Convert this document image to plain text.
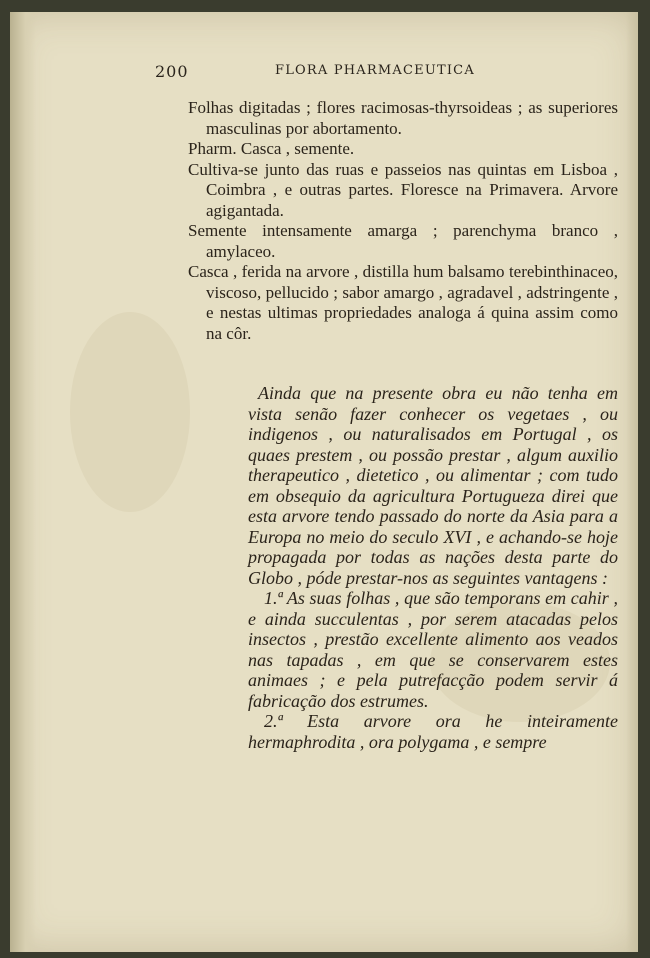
200	FLORA PHARMACEUTICA

Folhas digitadas ; flores racimosas-thyrsoideas ; as superiores masculinas por abortamento.

Pharm. Casca , semente.

Cultiva-se junto das ruas e passeios nas quintas em Lisboa , Coimbra , e outras partes. Floresce na Primavera. Arvore agigantada.

Semente intensamente amarga ; parenchyma branco , amylaceo.

Casca , ferida na arvore , distilla hum balsamo terebinthinaceo, viscoso, pellucido ; sabor amargo , agradavel , adstringente , e nestas ultimas propriedades analoga á quina assim como na côr.

Ainda que na presente obra eu não tenha em vista senão fazer conhecer os vegetaes , ou indigenos , ou naturalisados em Portugal , os quaes prestem , ou possão prestar , algum auxilio therapeutico , dietetico , ou alimentar ; com tudo em obsequio da agricultura Portugueza direi que esta arvore tendo passado do norte da Asia para a Europa no meio do seculo XVI , e achando-se hoje propagada por todas as nações desta parte do Globo , póde prestar-nos as seguintes vantagens :

1.ª As suas folhas , que são temporans em cahir , e ainda succulentas , por serem atacadas pelos insectos , prestão excellente alimento aos veados nas tapadas , em que se conservarem estes animaes ; e pela putrefacção podem servir á fabricação dos estrumes.

2.ª Esta arvore ora he inteiramente hermaphrodita , ora polygama , e sempre
